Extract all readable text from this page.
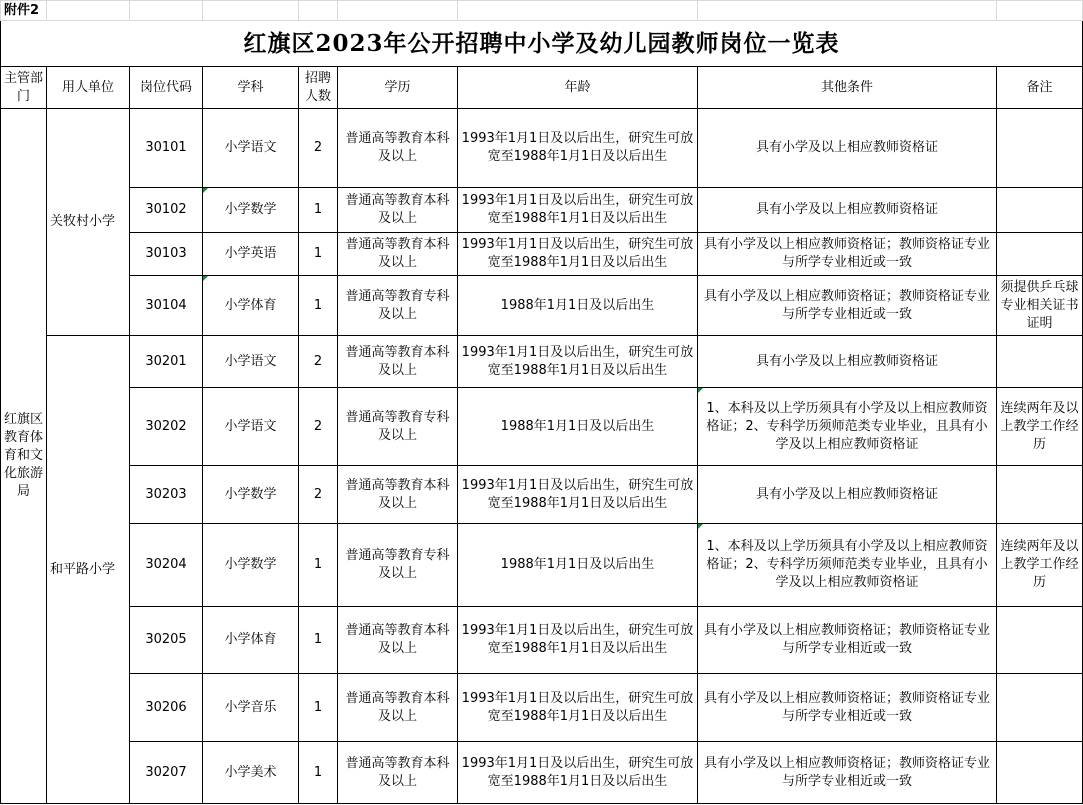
附件2								
红旗区2023年公开招聘中小学及幼儿园教师岗位一览表								
主管部门	用人单位	岗位代码	学科	招聘人数	学历	年龄	其他条件	备注
红旗区教育体育和文化旅游局	关牧村小学	30101	小学语文	2	普通高等教育本科及以上	1993年1月1日及以后出生，研究生可放宽至1988年1月1日及以后出生	具有小学及以上相应教师资格证	
		30102	小学数学	1	普通高等教育本科及以上	1993年1月1日及以后出生，研究生可放宽至1988年1月1日及以后出生	具有小学及以上相应教师资格证	
		30103	小学英语	1	普通高等教育本科及以上	1993年1月1日及以后出生，研究生可放宽至1988年1月1日及以后出生	具有小学及以上相应教师资格证；教师资格证专业与所学专业相近或一致	
		30104	小学体育	1	普通高等教育专科及以上	1988年1月1日及以后出生	具有小学及以上相应教师资格证；教师资格证专业与所学专业相近或一致	须提供乒乓球专业相关证书证明
	和平路小学	30201	小学语文	2	普通高等教育本科及以上	1993年1月1日及以后出生，研究生可放宽至1988年1月1日及以后出生	具有小学及以上相应教师资格证	
		30202	小学语文	2	普通高等教育专科及以上	1988年1月1日及以后出生	1、本科及以上学历须具有小学及以上相应教师资格证；2、专科学历须师范类专业毕业，且具有小学及以上相应教师资格证	连续两年及以上教学工作经历
		30203	小学数学	2	普通高等教育本科及以上	1993年1月1日及以后出生，研究生可放宽至1988年1月1日及以后出生	具有小学及以上相应教师资格证	
		30204	小学数学	1	普通高等教育专科及以上	1988年1月1日及以后出生	1、本科及以上学历须具有小学及以上相应教师资格证；2、专科学历须师范类专业毕业，且具有小学及以上相应教师资格证	连续两年及以上教学工作经历
		30205	小学体育	1	普通高等教育本科及以上	1993年1月1日及以后出生，研究生可放宽至1988年1月1日及以后出生	具有小学及以上相应教师资格证；教师资格证专业与所学专业相近或一致	
		30206	小学音乐	1	普通高等教育本科及以上	1993年1月1日及以后出生，研究生可放宽至1988年1月1日及以后出生	具有小学及以上相应教师资格证；教师资格证专业与所学专业相近或一致	
		30207	小学美术	1	普通高等教育本科及以上	1993年1月1日及以后出生，研究生可放宽至1988年1月1日及以后出生	具有小学及以上相应教师资格证；教师资格证专业与所学专业相近或一致	
